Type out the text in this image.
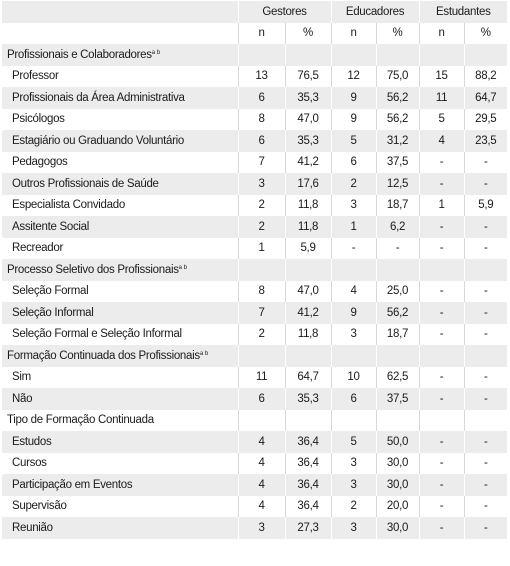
	Gestores		Educadores		Estudantes	
	n	%	n	%	n	%
Profissionais e Colaboradores$^{a b}$						
Professor	13	76,5	12	75,0	15	88,2
Profissionais da Área Administrativa	6	35,3	9	56,2	11	64,7
Psicólogos	8	47,0	9	56,2	5	29,5
Estagiário ou Graduando Voluntário	6	35,3	5	31,2	4	23,5
Pedagogos	7	41,2	6	37,5	-	-
Outros Profissionais de Saúde	3	17,6	2	12,5	-	-
Especialista Convidado	2	11,8	3	18,7	1	5,9
Assitente Social	2	11,8	1	6,2	-	-
Recreador	1	5,9	-	-	-	-
Processo Seletivo dos Profissionais$^{a b}$						
Seleção Formal	8	47,0	4	25,0	-	-
Seleção Informal	7	41,2	9	56,2	-	-
Seleção Formal e Seleção Informal	2	11,8	3	18,7	-	-
Formação Continuada dos Profissionais$^{a b}$						
Sim	11	64,7	10	62,5	-	-
Não	6	35,3	6	37,5	-	-
Tipo de Formação Continuada						
Estudos	4	36,4	5	50,0	-	-
Cursos	4	36,4	3	30,0	-	-
Participação em Eventos	4	36,4	3	30,0	-	-
Supervisão	4	36,4	2	20,0	-	-
Reunião	3	27,3	3	30,0	-	-
